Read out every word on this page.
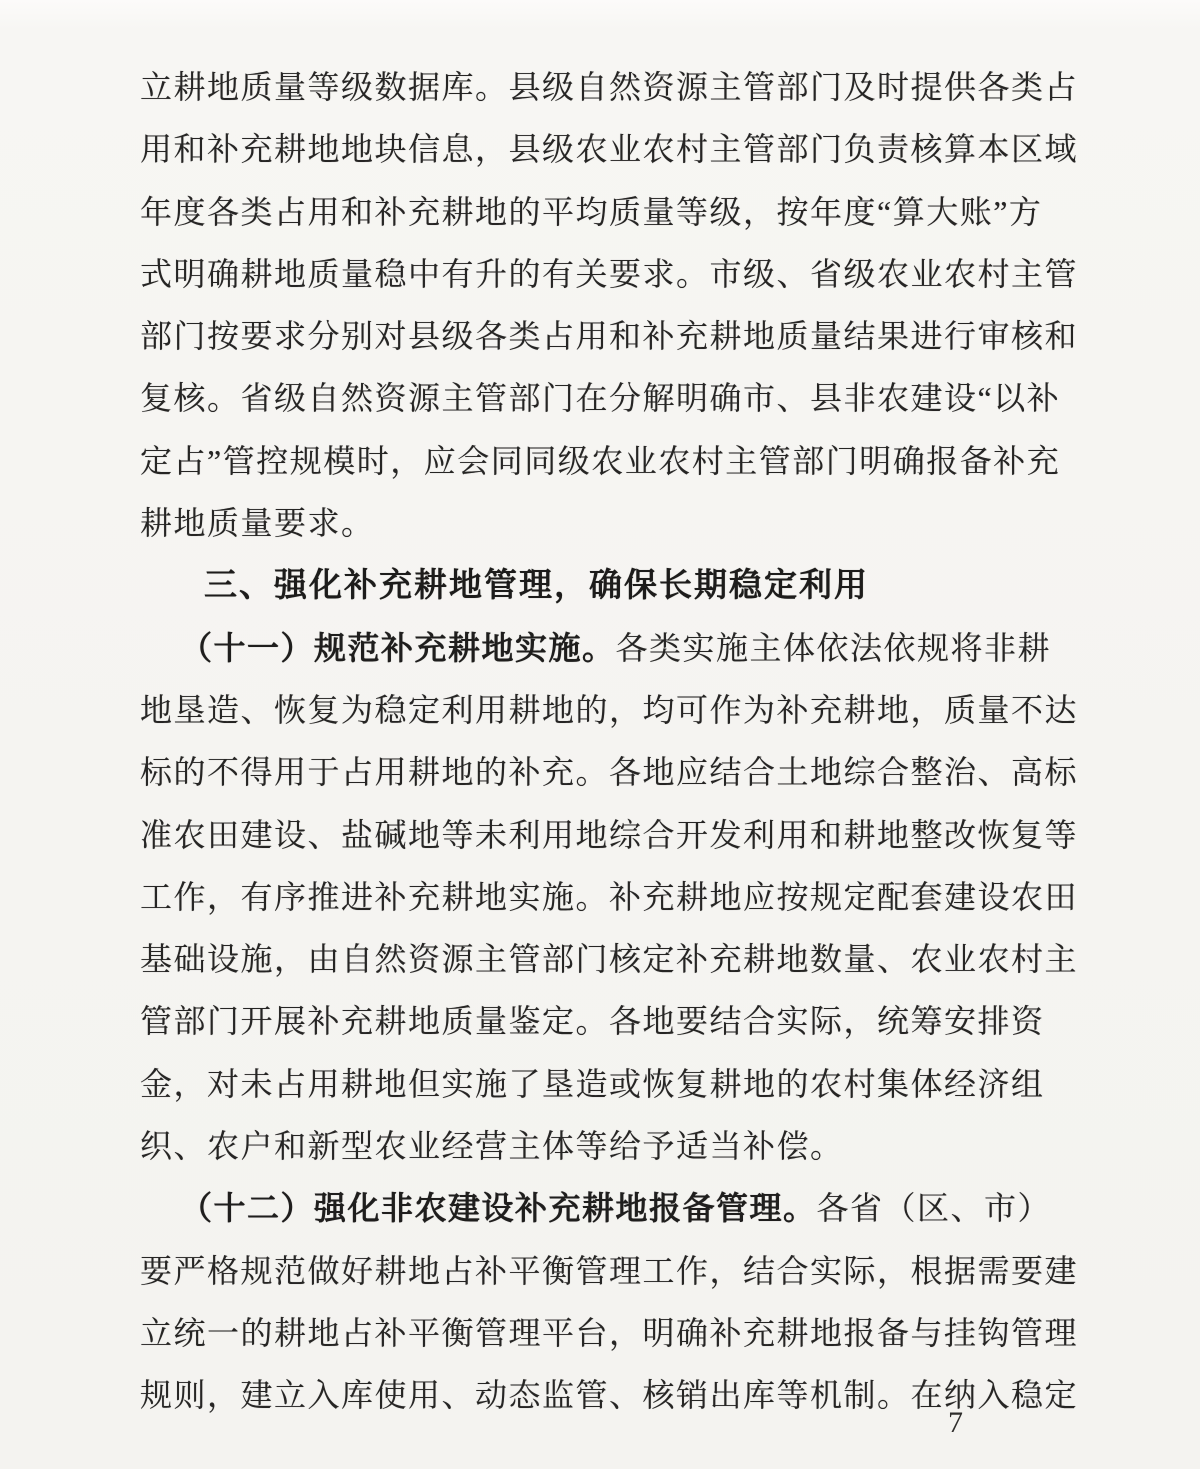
立耕地质量等级数据库。县级自然资源主管部门及时提供各类占
用和补充耕地地块信息，县级农业农村主管部门负责核算本区域
年度各类占用和补充耕地的平均质量等级，按年度“算大账”方
式明确耕地质量稳中有升的有关要求。市级、省级农业农村主管
部门按要求分别对县级各类占用和补充耕地质量结果进行审核和
复核。省级自然资源主管部门在分解明确市、县非农建设“以补
定占”管控规模时，应会同同级农业农村主管部门明确报备补充
耕地质量要求。
三、强化补充耕地管理，确保长期稳定利用
（十一）规范补充耕地实施。各类实施主体依法依规将非耕
地垦造、恢复为稳定利用耕地的，均可作为补充耕地，质量不达
标的不得用于占用耕地的补充。各地应结合土地综合整治、高标
准农田建设、盐碱地等未利用地综合开发利用和耕地整改恢复等
工作，有序推进补充耕地实施。补充耕地应按规定配套建设农田
基础设施，由自然资源主管部门核定补充耕地数量、农业农村主
管部门开展补充耕地质量鉴定。各地要结合实际，统筹安排资
金，对未占用耕地但实施了垦造或恢复耕地的农村集体经济组
织、农户和新型农业经营主体等给予适当补偿。
（十二）强化非农建设补充耕地报备管理。各省（区、市）
要严格规范做好耕地占补平衡管理工作，结合实际，根据需要建
立统一的耕地占补平衡管理平台，明确补充耕地报备与挂钩管理
规则，建立入库使用、动态监管、核销出库等机制。在纳入稳定
7
